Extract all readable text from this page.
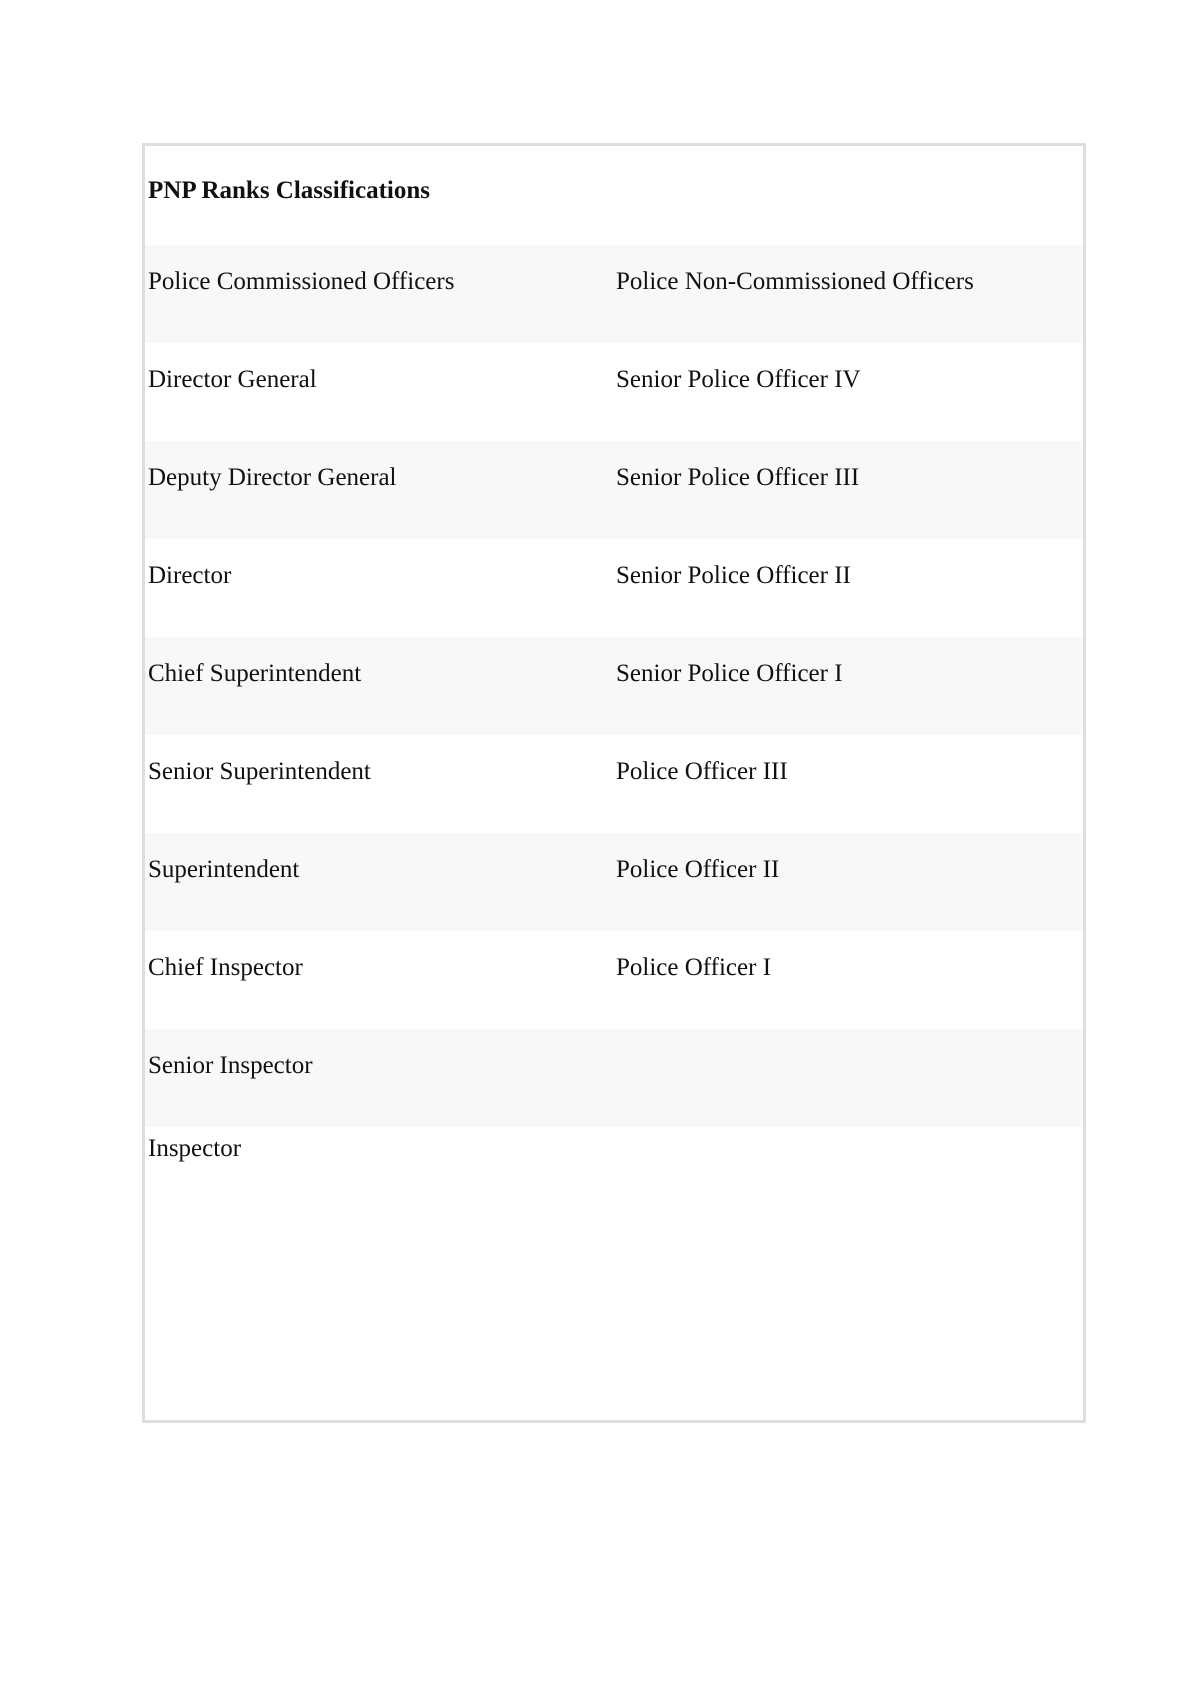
PNP Ranks Classifications
Police Commissioned Officers	Police Non-Commissioned Officers
Director General	Senior Police Officer IV
Deputy Director General	Senior Police Officer III
Director	Senior Police Officer II
Chief Superintendent	Senior Police Officer I
Senior Superintendent	Police Officer III
Superintendent	Police Officer II
Chief Inspector	Police Officer I
Senior Inspector
Inspector
